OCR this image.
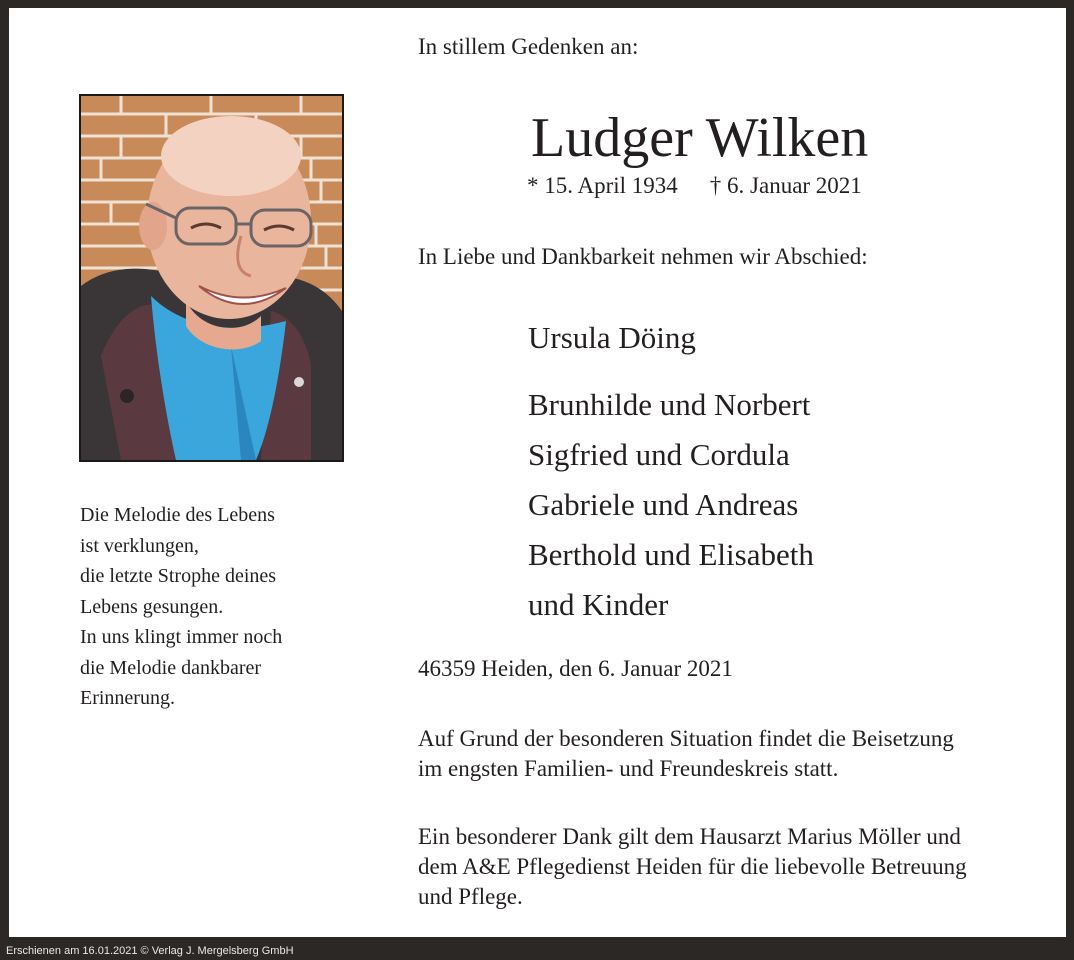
In stillem Gedenken an:
Ludger Wilken
* 15. April 1934 † 6. Januar 2021
In Liebe und Dankbarkeit nehmen wir Abschied:
Ursula Döing
Brunhilde und Norbert
Sigfried und Cordula
Gabriele und Andreas
Berthold und Elisabeth
und Kinder
46359 Heiden, den 6. Januar 2021
Auf Grund der besonderen Situation findet die Beisetzung
im engsten Familien- und Freundeskreis statt.
Ein besonderer Dank gilt dem Hausarzt Marius Möller und
dem A&E Pflegedienst Heiden für die liebevolle Betreuung
und Pflege.
Die Melodie des Lebens
ist verklungen,
die letzte Strophe deines
Lebens gesungen.
In uns klingt immer noch
die Melodie dankbarer
Erinnerung.
Erschienen am 16.01.2021 © Verlag J. Mergelsberg GmbH
